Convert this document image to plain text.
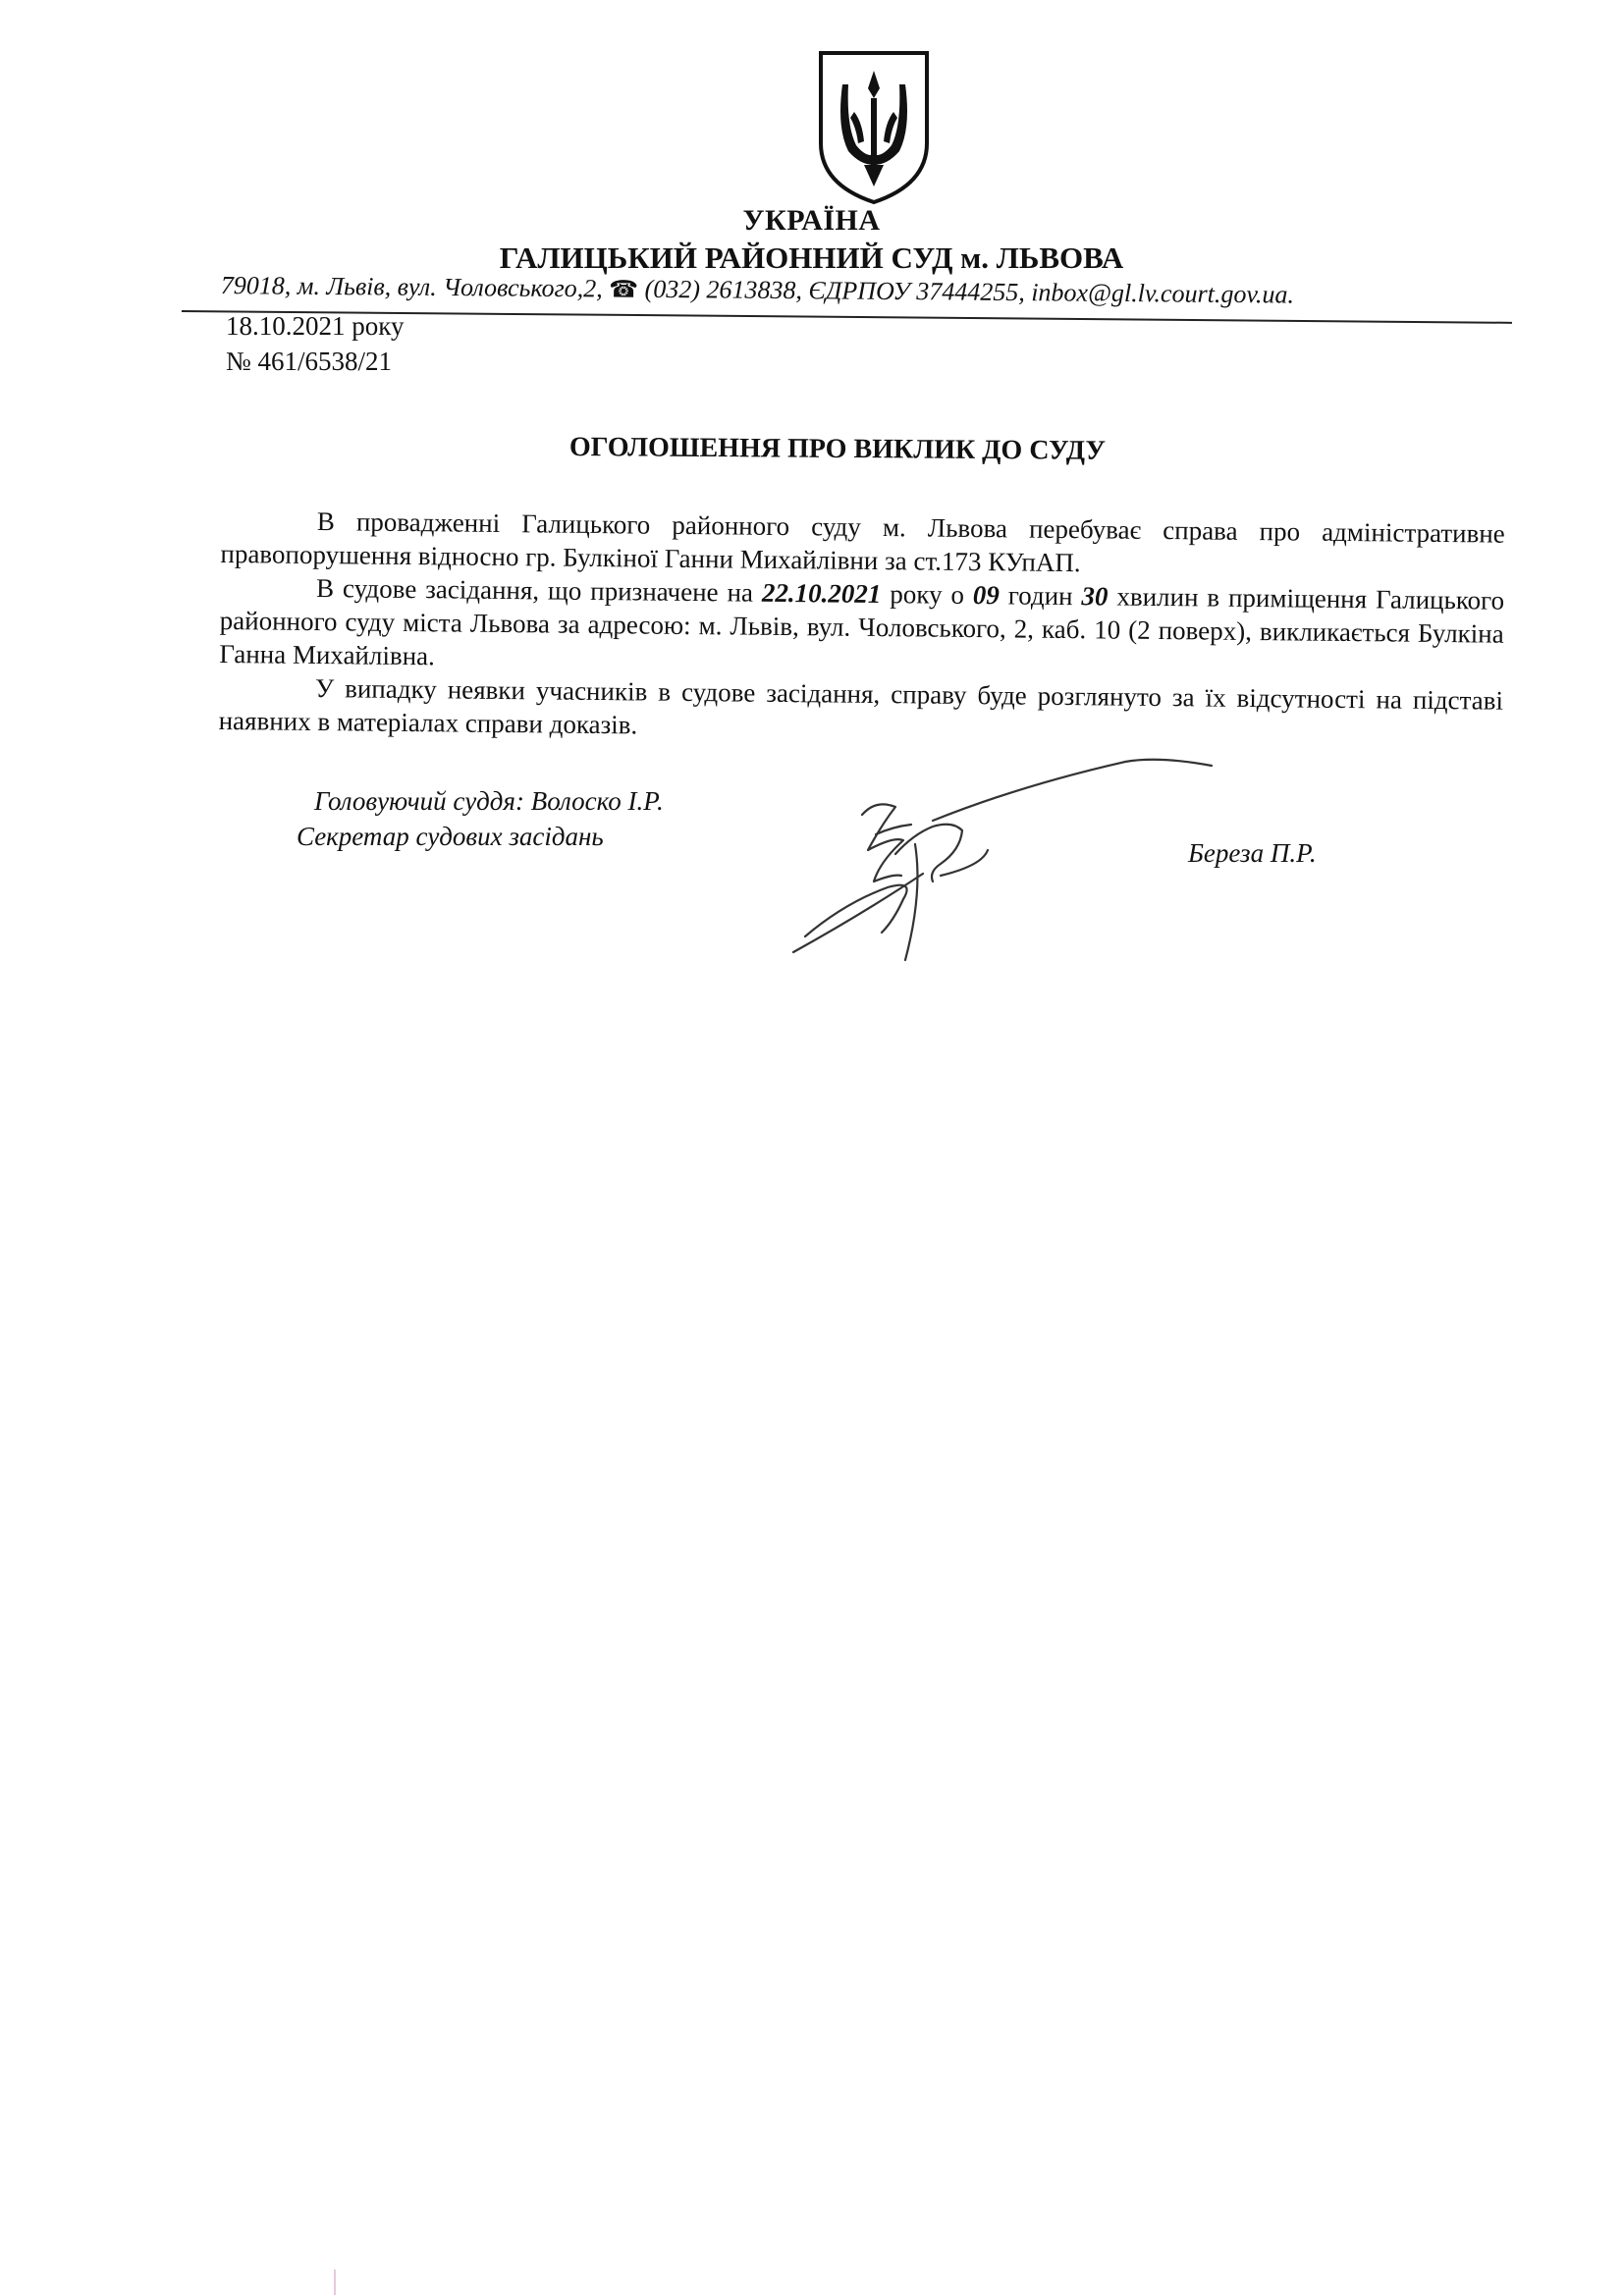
УКРАЇНА
ГАЛИЦЬКИЙ РАЙОННИЙ СУД м. ЛЬВОВА
79018, м. Львів, вул. Чоловського,2, ☎ (032) 2613838, ЄДРПОУ 37444255, inbox@gl.lv.court.gov.ua.
18.10.2021 року
№ 461/6538/21
ОГОЛОШЕННЯ ПРО ВИКЛИК ДО СУДУ

В провадженні Галицького районного суду м. Львова перебуває справа про адміністративне правопорушення відносно гр. Булкіної Ганни Михайлівни за ст.173 КУпАП.

В судове засідання, що призначене на 22.10.2021 року о 09 годин 30 хвилин в приміщення Галицького районного суду міста Львова за адресою: м. Львів, вул. Чоловського, 2, каб. 10 (2 поверх), викликається Булкіна Ганна Михайлівна.

У випадку неявки учасників в судове засідання, справу буде розглянуто за їх відсутності на підставі наявних в матеріалах справи доказів.

Головуючий суддя: Волоско І.Р.
Секретар судових засідань
Береза П.Р.
